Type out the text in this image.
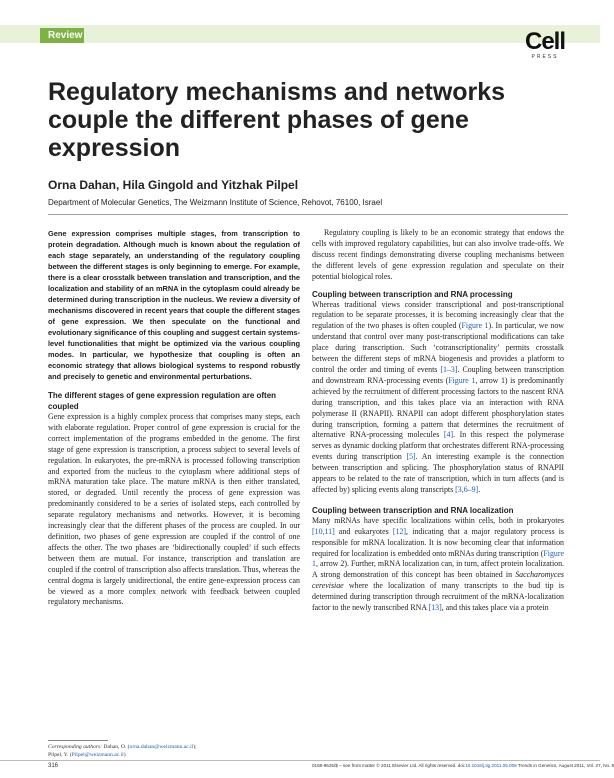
Review	Cell
PRESS
Regulatory mechanisms and networks couple the different phases of gene expression
Orna Dahan, Hila Gingold and Yitzhak Pilpel
Department of Molecular Genetics, The Weizmann Institute of Science, Rehovot, 76100, Israel

Gene expression comprises multiple stages, from transcription to protein degradation. Although much is known about the regulation of each stage separately, an understanding of the regulatory coupling between the different stages is only beginning to emerge. For example, there is a clear crosstalk between translation and transcription, and the localization and stability of an mRNA in the cytoplasm could already be determined during transcription in the nucleus. We review a diversity of mechanisms discovered in recent years that couple the different stages of gene expression. We then speculate on the functional and evolutionary significance of this coupling and suggest certain systems-level functionalities that might be optimized via the various coupling modes. In particular, we hypothesize that coupling is often an economic strategy that allows biological systems to respond robustly and precisely to genetic and environmental perturbations.

The different stages of gene expression regulation are often coupled

Gene expression is a highly complex process that comprises many steps, each with elaborate regulation. Proper control of gene expression is crucial for the correct implementation of the programs embedded in the genome. The first stage of gene expression is transcription, a process subject to several levels of regulation. In eukaryotes, the pre-mRNA is processed following transcription and exported from the nucleus to the cytoplasm where additional steps of mRNA maturation take place. The mature mRNA is then either translated, stored, or degraded. Until recently the process of gene expression was predominantly considered to be a series of isolated steps, each controlled by separate regulatory mechanisms and networks. However, it is becoming increasingly clear that the different phases of the process are coupled. In our definition, two phases of gene expression are coupled if the control of one affects the other. The two phases are ‘bidirectionally coupled’ if such effects between them are mutual. For instance, transcription and translation are coupled if the control of transcription also affects translation. Thus, whereas the central dogma is largely unidirectional, the entire gene-expression process can be viewed as a more complex network with feedback between coupled regulatory mechanisms.

Regulatory coupling is likely to be an economic strategy that endows the cells with improved regulatory capabilities, but can also involve trade-offs. We discuss recent findings demonstrating diverse coupling mechanisms between the different levels of gene expression regulation and speculate on their potential biological roles.

Coupling between transcription and RNA processing

Whereas traditional views consider transcriptional and post-transcriptional regulation to be separate processes, it is becoming increasingly clear that the regulation of the two phases is often coupled (Figure 1). In particular, we now understand that control over many post-transcriptional modifications can take place during transcription. Such ‘cotranscriptionality’ permits crosstalk between the different steps of mRNA biogenesis and provides a platform to control the order and timing of events [1–3]. Coupling between transcription and downstream RNA-processing events (Figure 1, arrow 1) is predominantly achieved by the recruitment of different processing factors to the nascent RNA during transcription, and this takes place via an interaction with RNA polymerase II (RNAPII). RNAPII can adopt different phosphorylation states during transcription, forming a pattern that determines the recruitment of alternative RNA-processing molecules [4]. In this respect the polymerase serves as dynamic docking platform that orchestrates different RNA-processing events during transcription [5]. An interesting example is the connection between transcription and splicing. The phosphorylation status of RNAPII appears to be related to the rate of transcription, which in turn affects (and is affected by) splicing events along transcripts [3,6–9].

Coupling between transcription and RNA localization

Many mRNAs have specific localizations within cells, both in prokaryotes [10,11] and eukaryotes [12], indicating that a major regulatory process is responsible for mRNA localization. It is now becoming clear that information required for localization is embedded onto mRNAs during transcription (Figure 1, arrow 2). Further, mRNA localization can, in turn, affect protein localization. A strong demonstration of this concept has been obtained in Saccharomyces cerevisiae where the localization of many transcripts to the bud tip is determined during transcription through recruitment of the mRNA-localization factor to the newly transcribed RNA [13], and this takes place via a protein

Corresponding authors: Dahan, O. (orna.dahan@weizmann.ac.il);
Pilpel, Y. (Pilpel@weizmann.ac.il)
316	0168-9525/$ – see front matter © 2011 Elsevier Ltd. All rights reserved. doi:10.1016/j.tig.2011.05.008 Trends in Genetics, August 2011, Vol. 27, No. 8
